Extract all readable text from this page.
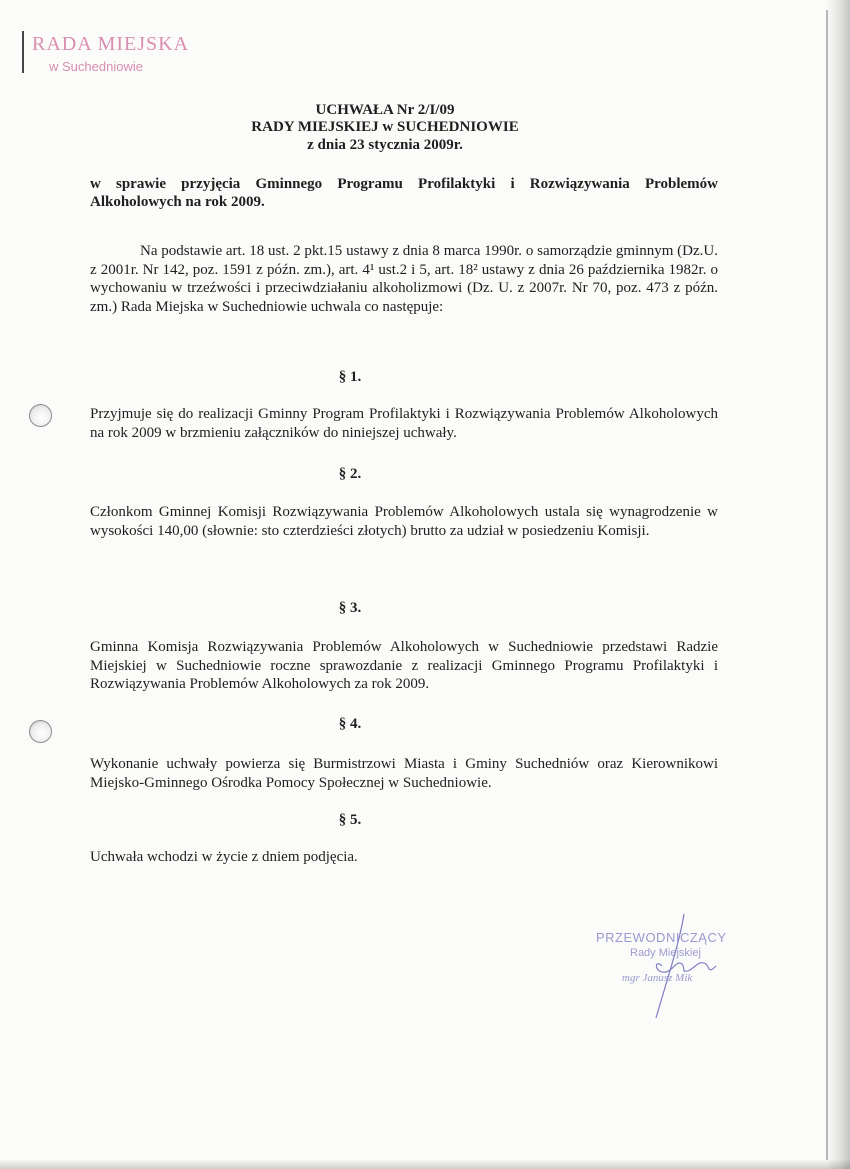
RADA MIEJSKA
w Suchedniowie
UCHWAŁA Nr 2/I/09
RADY MIEJSKIEJ w SUCHEDNIOWIE
z dnia 23 stycznia 2009r.
w sprawie przyjęcia Gminnego Programu Profilaktyki i Rozwiązywania Problemów Alkoholowych na rok 2009.
Na podstawie art. 18 ust. 2 pkt.15 ustawy z dnia 8 marca 1990r. o samorządzie gminnym (Dz.U. z 2001r. Nr 142, poz. 1591 z późn. zm.), art. 4¹ ust.2 i 5, art. 18² ustawy z dnia 26 października 1982r. o wychowaniu w trzeźwości i przeciwdziałaniu alkoholizmowi (Dz. U. z 2007r. Nr 70, poz. 473 z późn. zm.) Rada Miejska w Suchedniowie uchwala co następuje:
§ 1.
Przyjmuje się do realizacji Gminny Program Profilaktyki i Rozwiązywania Problemów Alkoholowych na rok 2009 w brzmieniu załączników do niniejszej uchwały.
§ 2.
Członkom Gminnej Komisji Rozwiązywania Problemów Alkoholowych ustala się wynagrodzenie w wysokości 140,00 (słownie: sto czterdzieści złotych) brutto za udział w posiedzeniu Komisji.
§ 3.
Gminna Komisja Rozwiązywania Problemów Alkoholowych w Suchedniowie przedstawi Radzie Miejskiej w Suchedniowie roczne sprawozdanie z realizacji Gminnego Programu Profilaktyki i Rozwiązywania Problemów Alkoholowych za rok 2009.
§ 4.
Wykonanie uchwały powierza się Burmistrzowi Miasta i Gminy Suchedniów oraz Kierownikowi Miejsko-Gminnego Ośrodka Pomocy Społecznej w Suchedniowie.
§ 5.
Uchwała wchodzi w życie z dniem podjęcia.
PRZEWODNICZĄCY
Rady Miejskiej
mgr Janusz Mik
